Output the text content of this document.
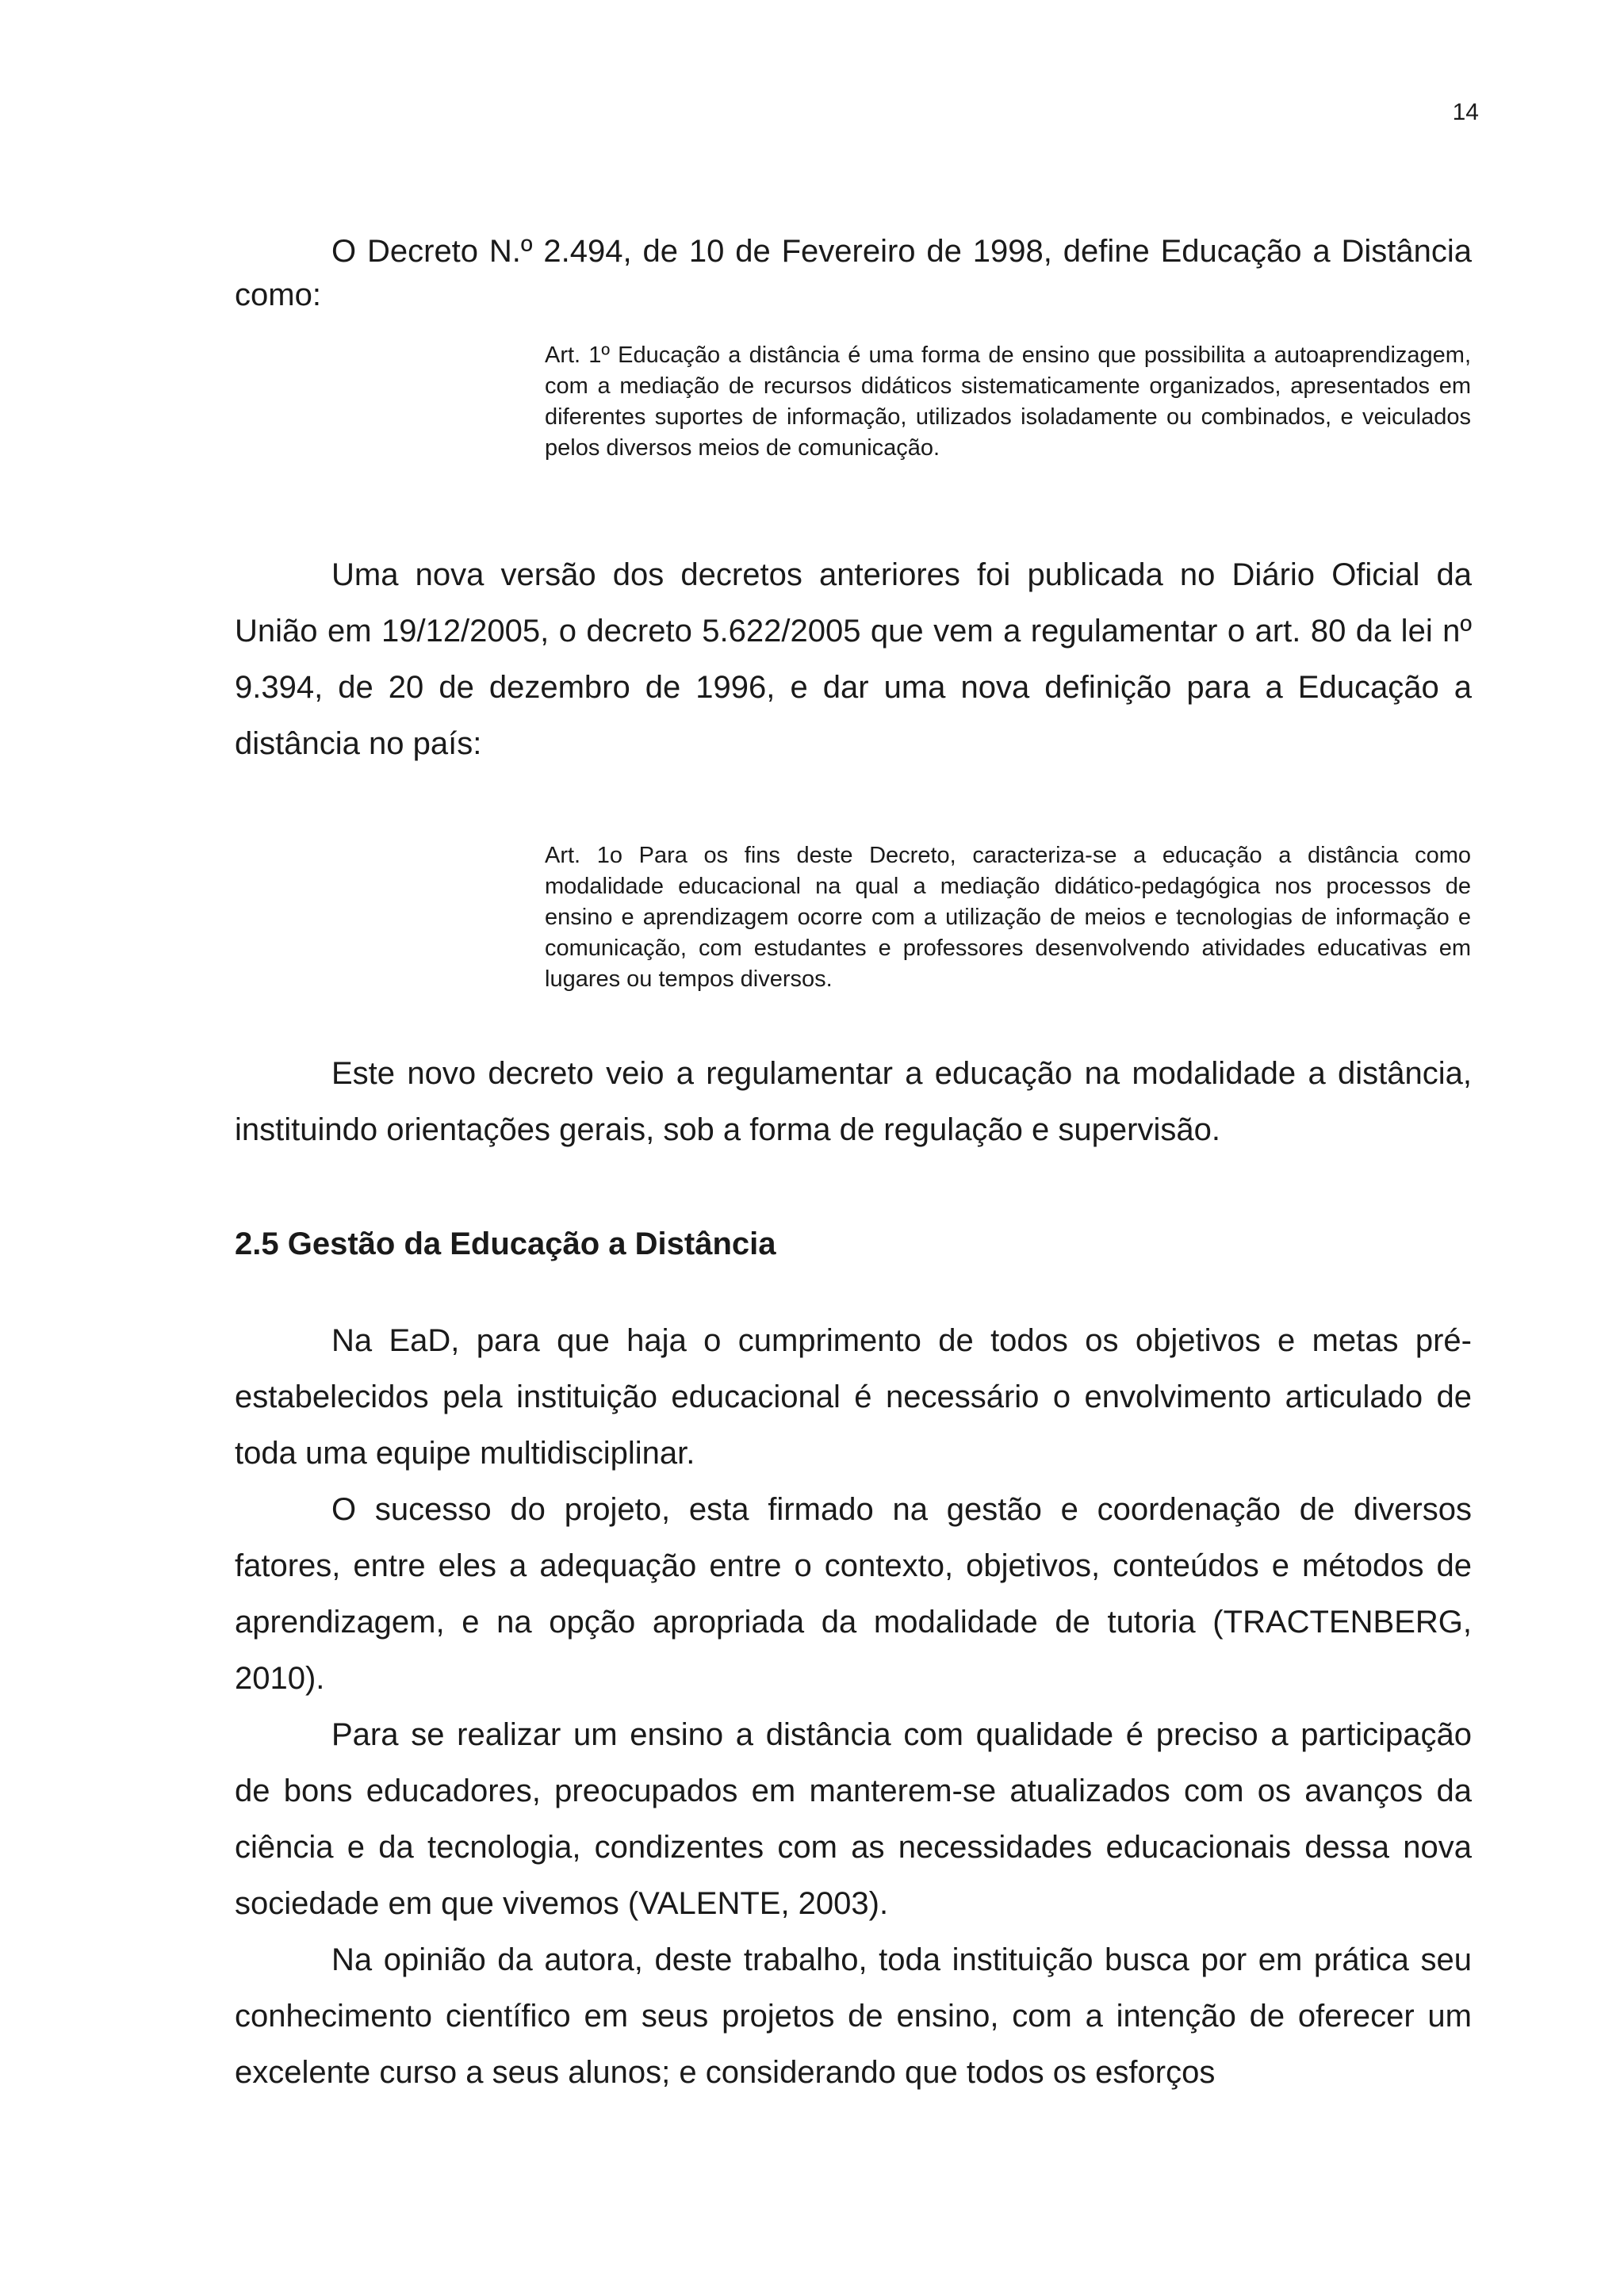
14

O Decreto N.º 2.494, de 10 de Fevereiro de 1998, define Educação a Distância como:

Art. 1º Educação a distância é uma forma de ensino que possibilita a autoaprendizagem, com a mediação de recursos didáticos sistematicamente organizados, apresentados em diferentes suportes de informação, utilizados isoladamente ou combinados, e veiculados pelos diversos meios de comunicação.

Uma nova versão dos decretos anteriores foi publicada no Diário Oficial da União em 19/12/2005, o decreto 5.622/2005 que vem a regulamentar o art. 80 da lei nº 9.394, de 20 de dezembro de 1996, e dar uma nova definição para a Educação a distância no país:

Art. 1o Para os fins deste Decreto, caracteriza-se a educação a distância como modalidade educacional na qual a mediação didático-pedagógica nos processos de ensino e aprendizagem ocorre com a utilização de meios e tecnologias de informação e comunicação, com estudantes e professores desenvolvendo atividades educativas em lugares ou tempos diversos.

Este novo decreto veio a regulamentar a educação na modalidade a distância, instituindo orientações gerais, sob a forma de regulação e supervisão.

2.5 Gestão da Educação a Distância

Na EaD, para que haja o cumprimento de todos os objetivos e metas pré-estabelecidos pela instituição educacional é necessário o envolvimento articulado de toda uma equipe multidisciplinar.

O sucesso do projeto, esta firmado na gestão e coordenação de diversos fatores, entre eles a adequação entre o contexto, objetivos, conteúdos e métodos de aprendizagem, e na opção apropriada da modalidade de tutoria (TRACTENBERG, 2010).

Para se realizar um ensino a distância com qualidade é preciso a participação de bons educadores, preocupados em manterem-se atualizados com os avanços da ciência e da tecnologia, condizentes com as necessidades educacionais dessa nova sociedade em que vivemos (VALENTE, 2003).

Na opinião da autora, deste trabalho, toda instituição busca por em prática seu conhecimento científico em seus projetos de ensino, com a intenção de oferecer um excelente curso a seus alunos; e considerando que todos os esforços
